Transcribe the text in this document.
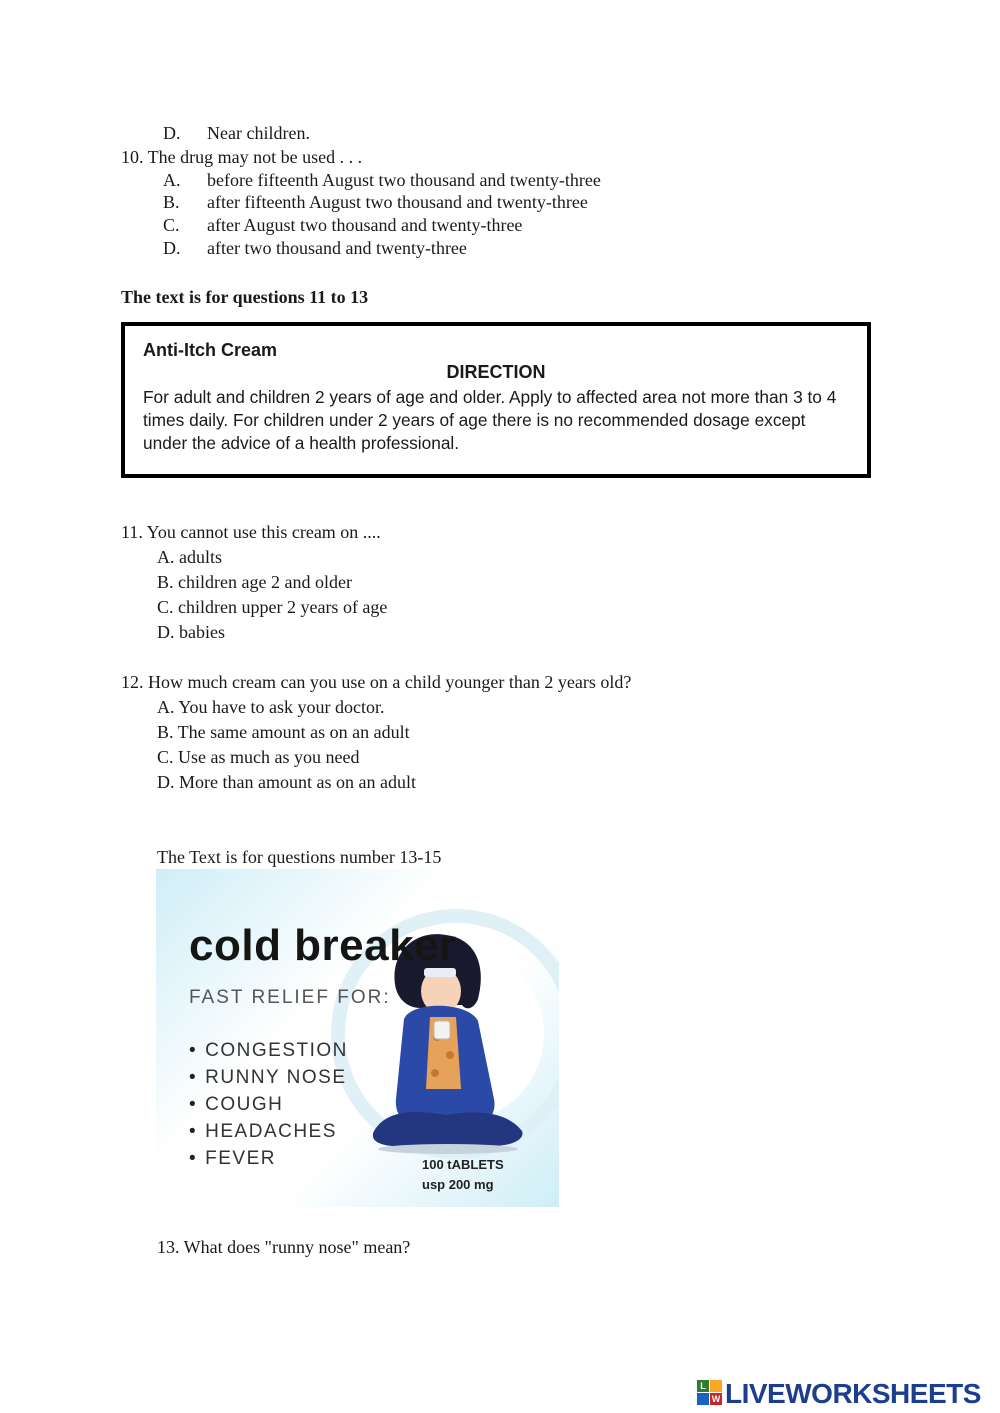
D. Near children.
10. The drug may not be used . . .
A. before fifteenth August two thousand and twenty-three
B. after fifteenth August two thousand and twenty-three
C. after August two thousand and twenty-three
D. after two thousand and twenty-three
The text is for questions 11 to 13
Anti-Itch Cream
DIRECTION
For adult and children 2 years of age and older. Apply to affected area not more than 3 to 4 times daily. For children under 2 years of age there is no recommended dosage except under the advice of a health professional.
11. You cannot use this cream on ....
A. adults
B. children age 2 and older
C. children upper 2 years of age
D. babies
12. How much cream can you use on a child younger than 2 years old?
A. You have to ask your doctor.
B. The same amount as on an adult
C. Use as much as you need
D. More than amount as on an adult
The Text is for questions number 13-15
cold breaker
FAST RELIEF FOR:
• CONGESTION
• RUNNY NOSE
• COUGH
• HEADACHES
• FEVER	100 tABLETS
usp 200 mg
13. What does "runny nose" mean?
L
W LIVEWORKSHEETS
